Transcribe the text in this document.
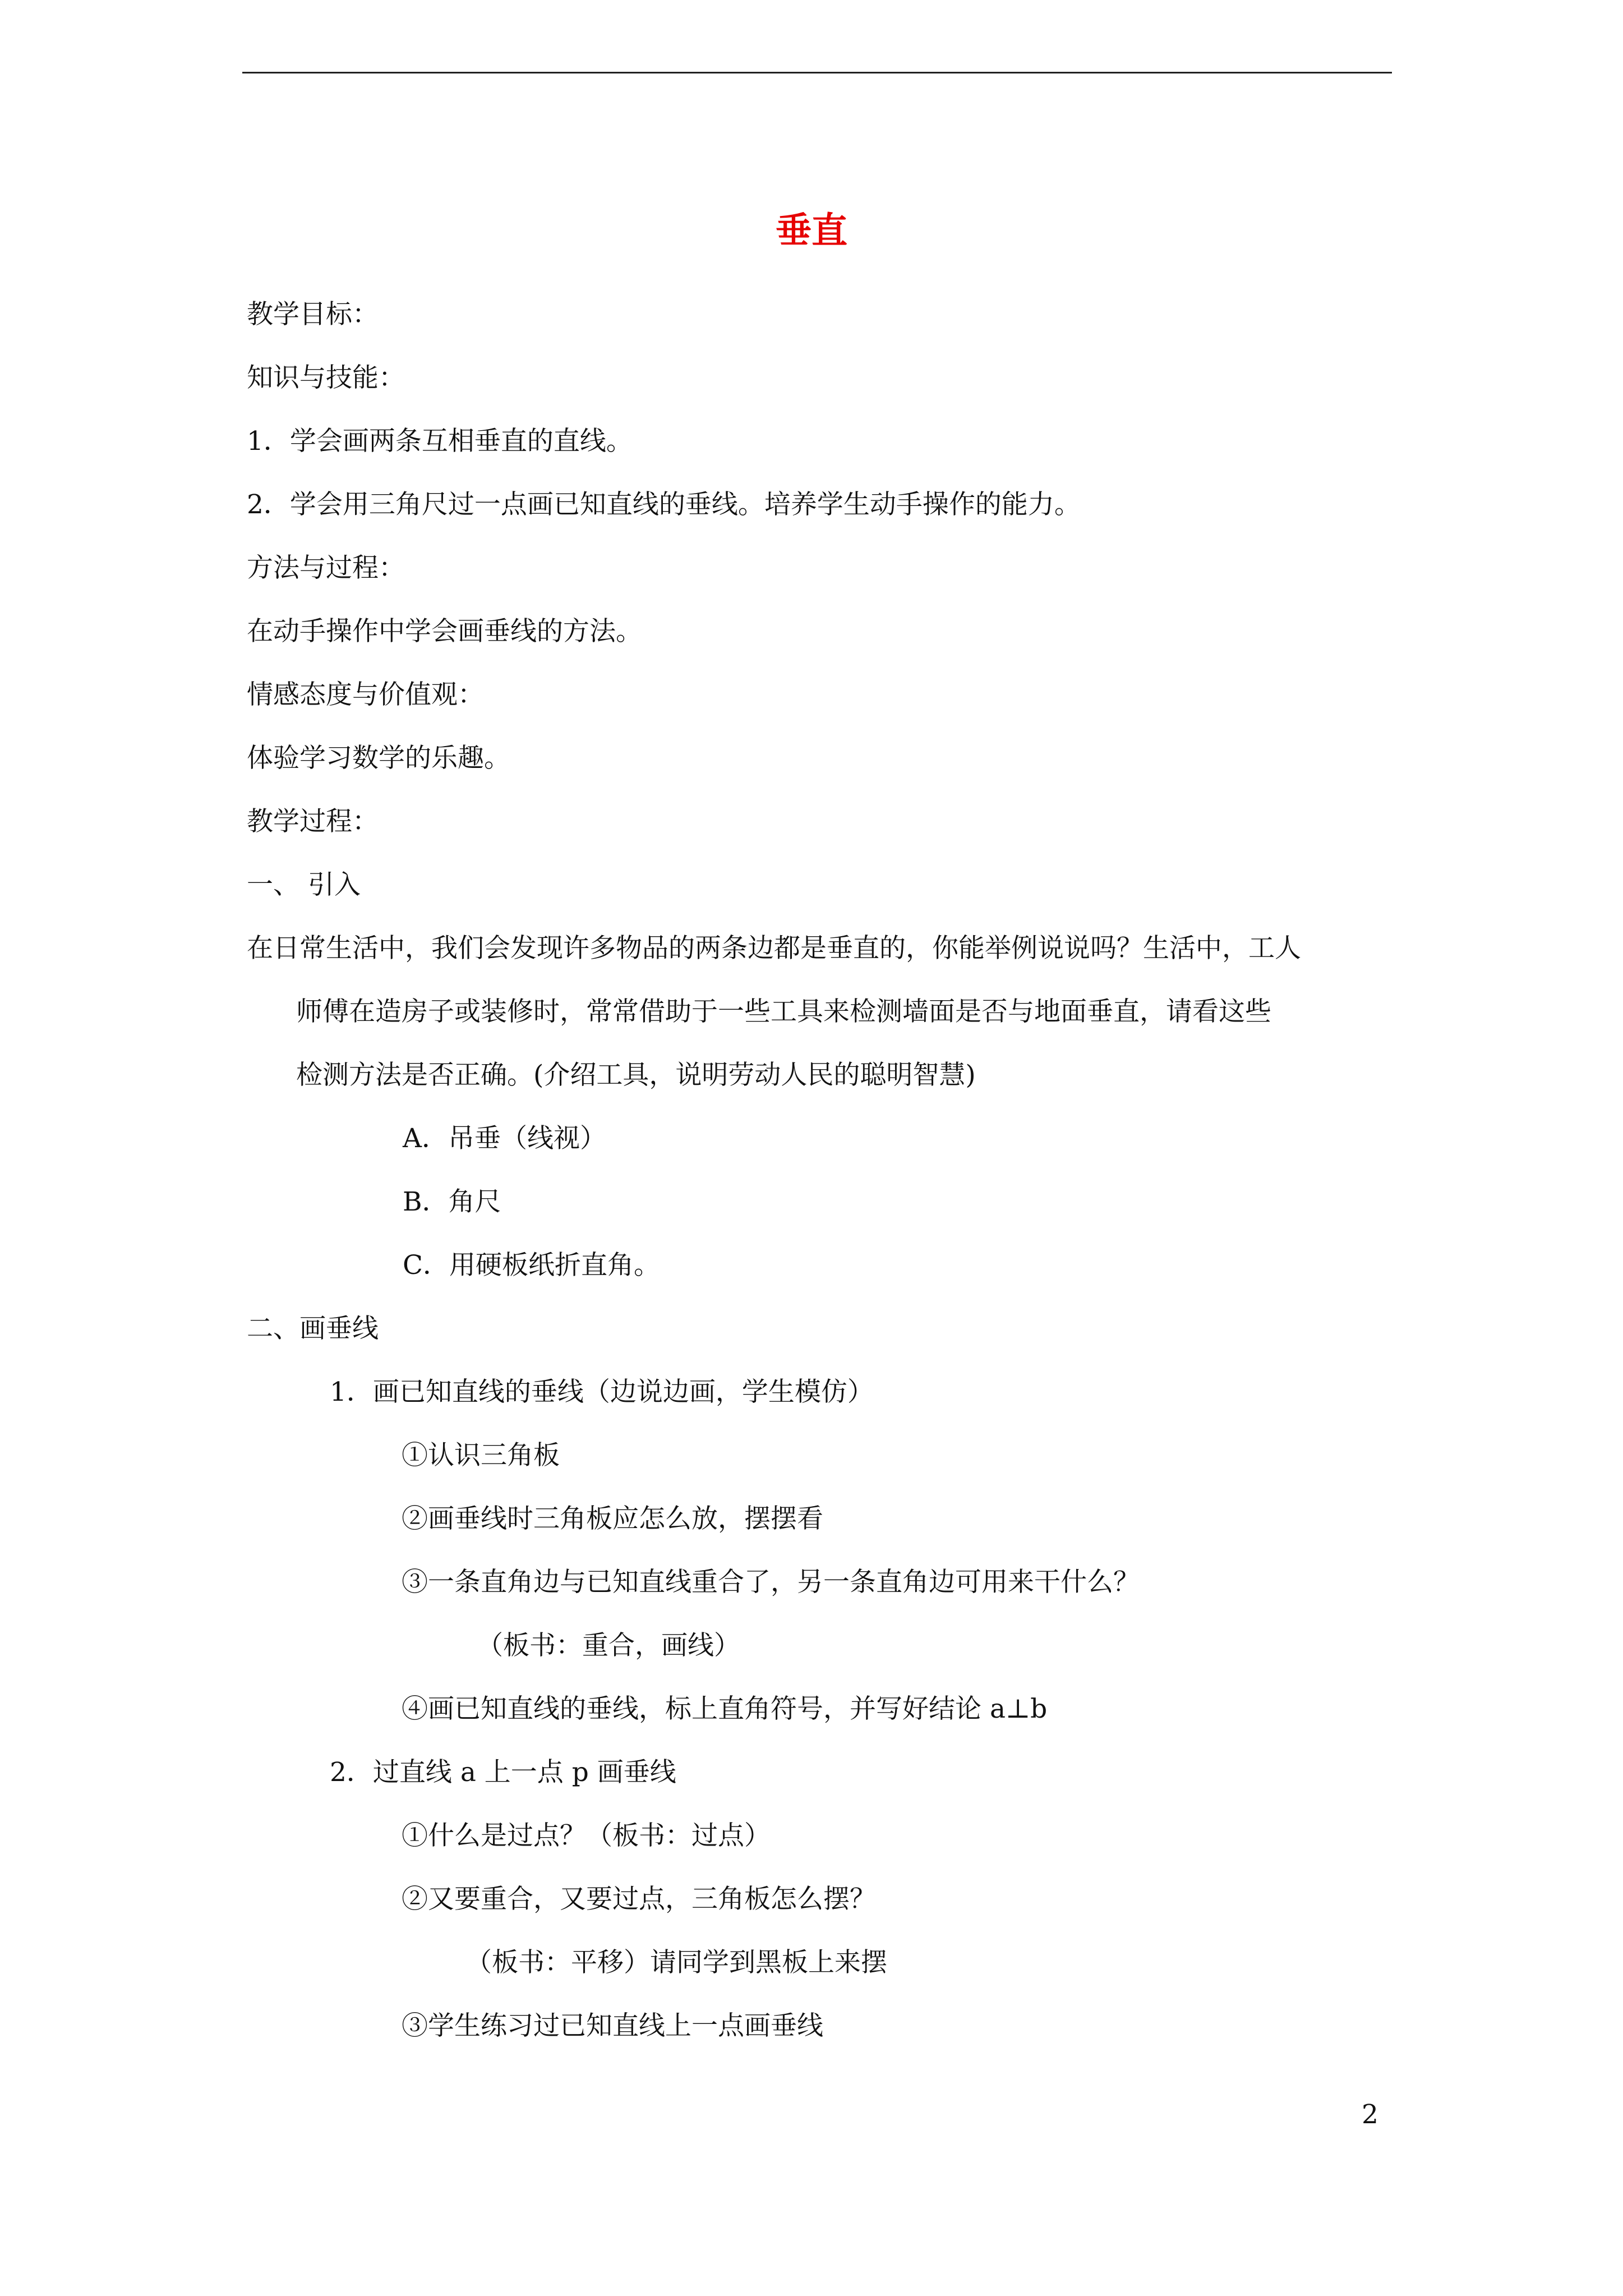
垂直
教学目标：
知识与技能：
1．学会画两条互相垂直的直线。
2．学会用三角尺过一点画已知直线的垂线。培养学生动手操作的能力。
方法与过程：
在动手操作中学会画垂线的方法。
情感态度与价值观：
体验学习数学的乐趣。
教学过程：
一、 引入
在日常生活中，我们会发现许多物品的两条边都是垂直的，你能举例说说吗？生活中，工人
师傅在造房子或装修时，常常借助于一些工具来检测墙面是否与地面垂直，请看这些
检测方法是否正确。(介绍工具，说明劳动人民的聪明智慧)
A．吊垂（线视）
B．角尺
C．用硬板纸折直角。
二、画垂线
1．画已知直线的垂线（边说边画，学生模仿）
①认识三角板
②画垂线时三角板应怎么放，摆摆看
③一条直角边与已知直线重合了，另一条直角边可用来干什么？
（板书：重合，画线）
④画已知直线的垂线，标上直角符号，并写好结论 a⊥b
2．过直线 a 上一点 p 画垂线
①什么是过点？（板书：过点）
②又要重合，又要过点，三角板怎么摆？
（板书：平移）请同学到黑板上来摆
③学生练习过已知直线上一点画垂线
2
